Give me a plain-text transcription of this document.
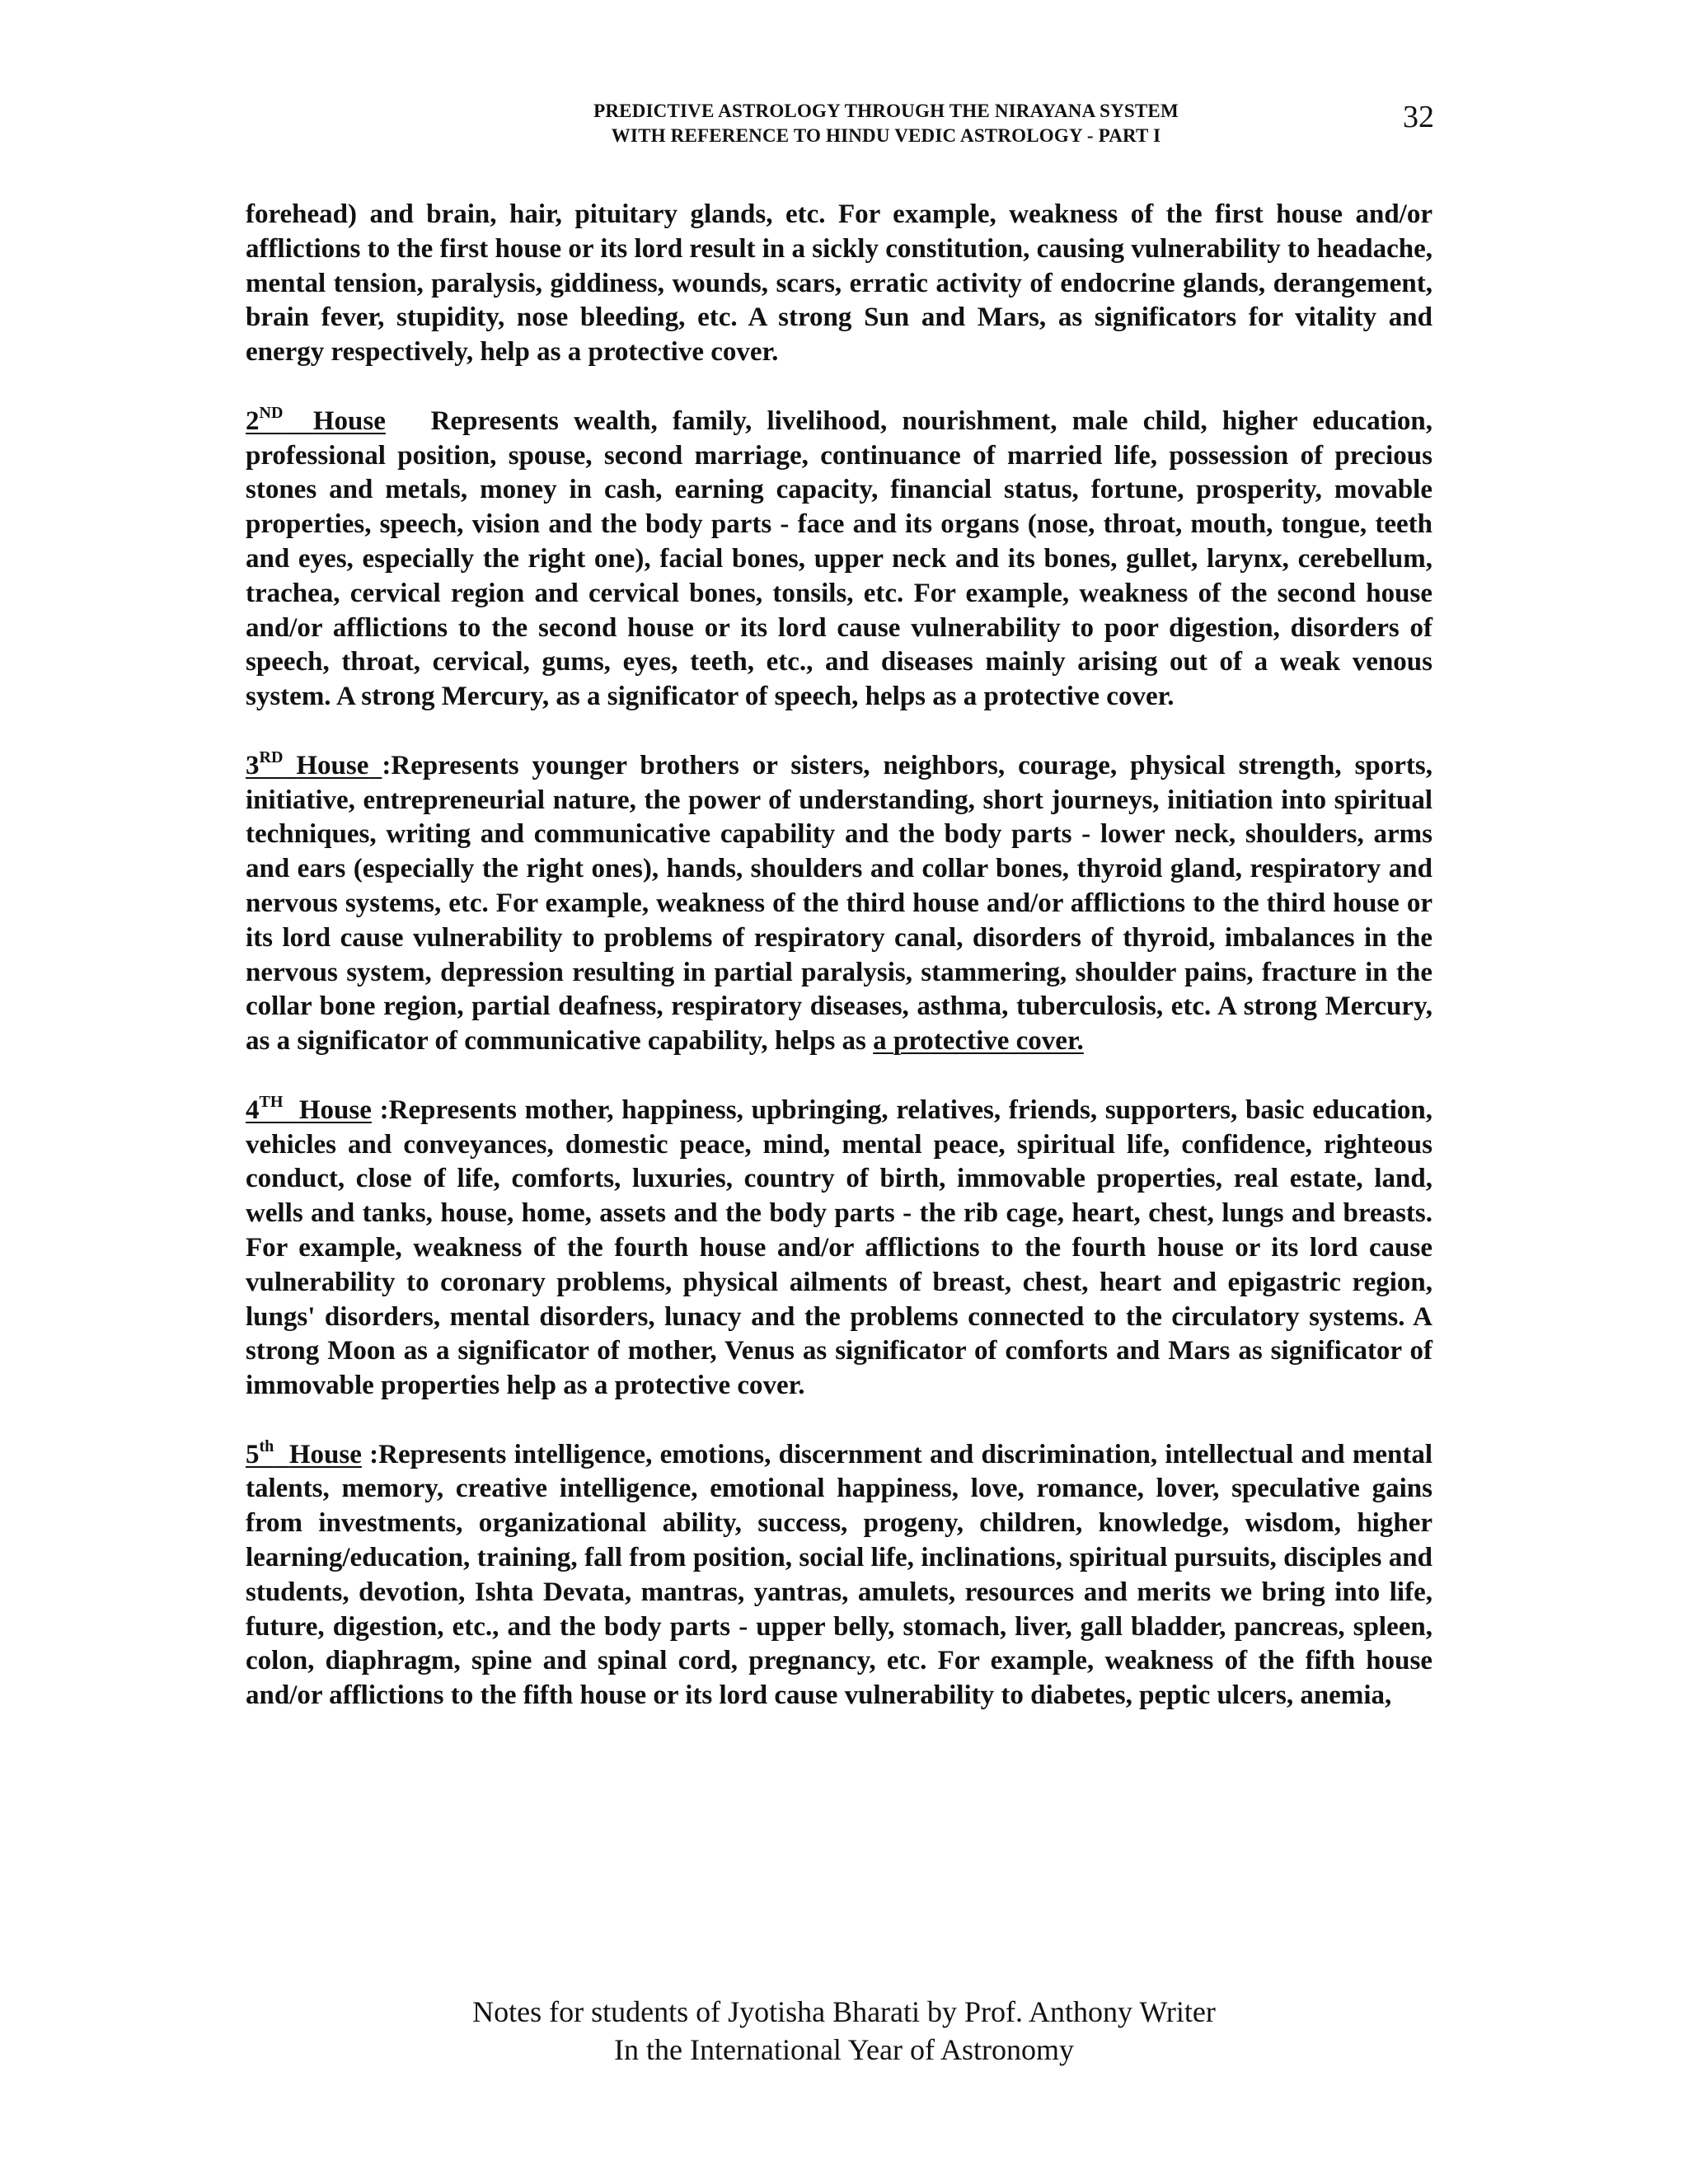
PREDICTIVE ASTROLOGY THROUGH THE NIRAYANA SYSTEM
WITH REFERENCE TO HINDU VEDIC ASTROLOGY - PART I
32

forehead) and brain, hair, pituitary glands, etc. For example, weakness of the first house and/or afflictions to the first house or its lord result in a sickly constitution, causing vulnerability to headache, mental tension, paralysis, giddiness, wounds, scars, erratic activity of endocrine glands, derangement, brain fever, stupidity, nose bleeding, etc. A strong Sun and Mars, as significators for vitality and energy respectively, help as a protective cover.

2ND House Represents wealth, family, livelihood, nourishment, male child, higher education, professional position, spouse, second marriage, continuance of married life, possession of precious stones and metals, money in cash, earning capacity, financial status, fortune, prosperity, movable properties, speech, vision and the body parts - face and its organs (nose, throat, mouth, tongue, teeth and eyes, especially the right one), facial bones, upper neck and its bones, gullet, larynx, cerebellum, trachea, cervical region and cervical bones, tonsils, etc. For example, weakness of the second house and/or afflictions to the second house or its lord cause vulnerability to poor digestion, disorders of speech, throat, cervical, gums, eyes, teeth, etc., and diseases mainly arising out of a weak venous system. A strong Mercury, as a significator of speech, helps as a protective cover.

3RD House :Represents younger brothers or sisters, neighbors, courage, physical strength, sports, initiative, entrepreneurial nature, the power of understanding, short journeys, initiation into spiritual techniques, writing and communicative capability and the body parts - lower neck, shoulders, arms and ears (especially the right ones), hands, shoulders and collar bones, thyroid gland, respiratory and nervous systems, etc. For example, weakness of the third house and/or afflictions to the third house or its lord cause vulnerability to problems of respiratory canal, disorders of thyroid, imbalances in the nervous system, depression resulting in partial paralysis, stammering, shoulder pains, fracture in the collar bone region, partial deafness, respiratory diseases, asthma, tuberculosis, etc. A strong Mercury, as a significator of communicative capability, helps as a protective cover.

4TH House :Represents mother, happiness, upbringing, relatives, friends, supporters, basic education, vehicles and conveyances, domestic peace, mind, mental peace, spiritual life, confidence, righteous conduct, close of life, comforts, luxuries, country of birth, immovable properties, real estate, land, wells and tanks, house, home, assets and the body parts - the rib cage, heart, chest, lungs and breasts. For example, weakness of the fourth house and/or afflictions to the fourth house or its lord cause vulnerability to coronary problems, physical ailments of breast, chest, heart and epigastric region, lungs' disorders, mental disorders, lunacy and the problems connected to the circulatory systems. A strong Moon as a significator of mother, Venus as significator of comforts and Mars as significator of immovable properties help as a protective cover.

5th House :Represents intelligence, emotions, discernment and discrimination, intellectual and mental talents, memory, creative intelligence, emotional happiness, love, romance, lover, speculative gains from investments, organizational ability, success, progeny, children, knowledge, wisdom, higher learning/education, training, fall from position, social life, inclinations, spiritual pursuits, disciples and students, devotion, Ishta Devata, mantras, yantras, amulets, resources and merits we bring into life, future, digestion, etc., and the body parts - upper belly, stomach, liver, gall bladder, pancreas, spleen, colon, diaphragm, spine and spinal cord, pregnancy, etc. For example, weakness of the fifth house and/or afflictions to the fifth house or its lord cause vulnerability to diabetes, peptic ulcers, anemia,

Notes for students of Jyotisha Bharati by Prof. Anthony Writer
In the International Year of Astronomy
